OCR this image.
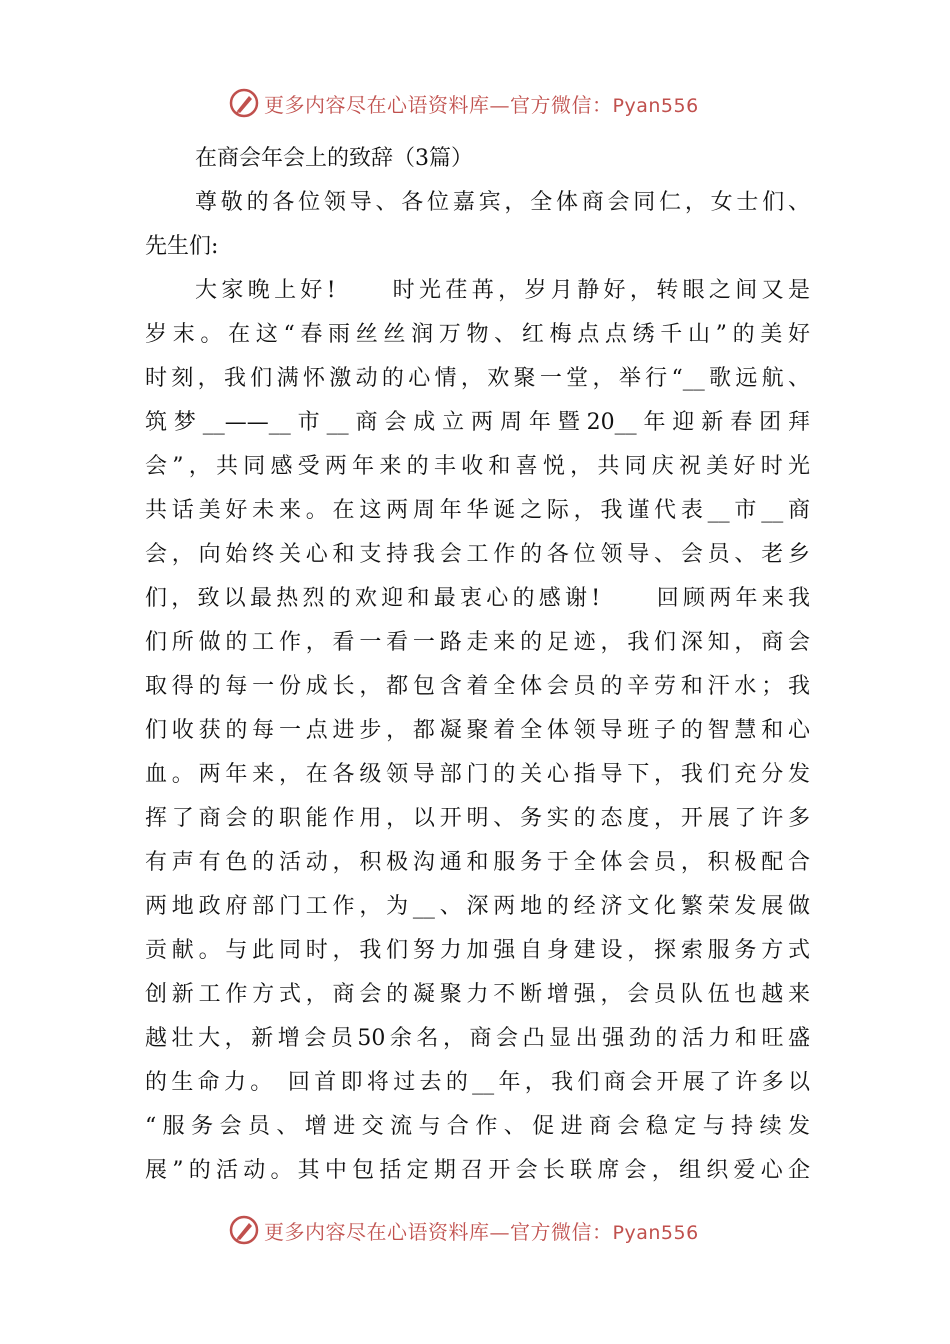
更多内容尽在心语资料库—官方微信：Pyan556
在商会年会上的致辞（3篇）
尊敬的各位领导、各位嘉宾，全体商会同仁，女士们、
先生们:
大家晚上好!　　时光荏苒，岁月静好，转眼之间又是
岁末。在这“春雨丝丝润万物、红梅点点绣千山”的美好
时刻，我们满怀激动的心情，欢聚一堂，举行“__歌远航、
筑梦__——__市__商会成立两周年暨20__年迎新春团拜
会”，共同感受两年来的丰收和喜悦，共同庆祝美好时光
共话美好未来。在这两周年华诞之际，我谨代表__市__商
会，向始终关心和支持我会工作的各位领导、会员、老乡
们，致以最热烈的欢迎和最衷心的感谢!　　回顾两年来我
们所做的工作，看一看一路走来的足迹，我们深知，商会
取得的每一份成长，都包含着全体会员的辛劳和汗水；我
们收获的每一点进步，都凝聚着全体领导班子的智慧和心
血。两年来，在各级领导部门的关心指导下，我们充分发
挥了商会的职能作用，以开明、务实的态度，开展了许多
有声有色的活动，积极沟通和服务于全体会员，积极配合
两地政府部门工作，为__、深两地的经济文化繁荣发展做
贡献。与此同时，我们努力加强自身建设，探索服务方式
创新工作方式，商会的凝聚力不断增强，会员队伍也越来
越壮大，新增会员50余名，商会凸显出强劲的活力和旺盛
的生命力。 回首即将过去的__年，我们商会开展了许多以
“服务会员、增进交流与合作、促进商会稳定与持续发
展”的活动。其中包括定期召开会长联席会，组织爱心企
更多内容尽在心语资料库—官方微信：Pyan556
